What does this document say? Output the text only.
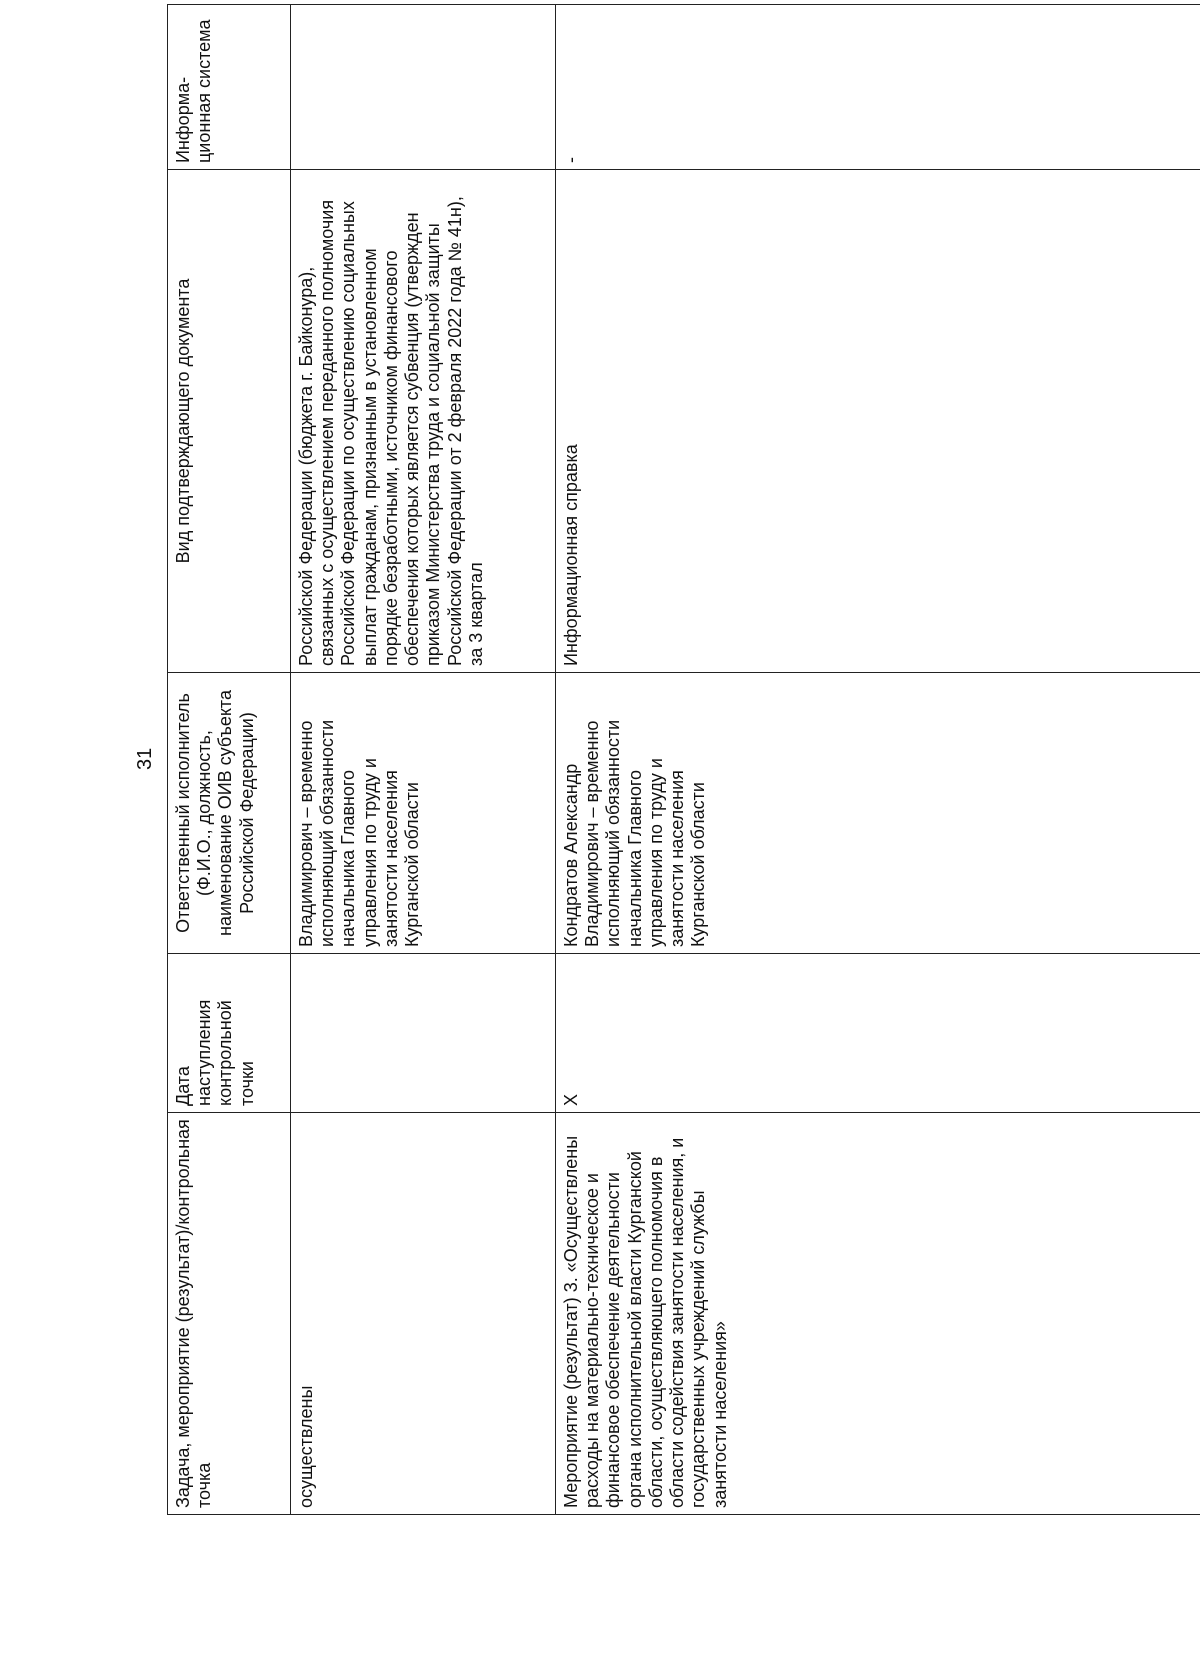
31
Задача, мероприятие (результат)/контрольная точка	Дата наступления контрольной точки	Ответственный исполнитель (Ф.И.О., должность, наименование ОИВ субъекта Российской Федерации)	Вид подтверждающего документа	Информа-ционная система
осуществлены		Владимирович – временно исполняющий обязанности начальника Главного управления по труду и занятости населения Курганской области	Российской Федерации (бюджета г. Байконура), связанных с осуществлением переданного полномочия Российской Федерации по осуществлению социальных выплат гражданам, признанным в установленном порядке безработными, источником финансового обеспечения которых является субвенция (утвержден приказом Министерства труда и социальной защиты Российской Федерации от 2 февраля 2022 года № 41н), за 3 квартал	
Мероприятие (результат) 3. «Осуществлены расходы на материально-техническое и финансовое обеспечение деятельности органа исполнительной власти Курганской области, осуществляющего полномочия в области содействия занятости населения, и государственных учреждений службы занятости населения»	X	Кондратов Александр Владимирович – временно исполняющий обязанности начальника Главного управления по труду и занятости населения Курганской области	Информационная справка	-
